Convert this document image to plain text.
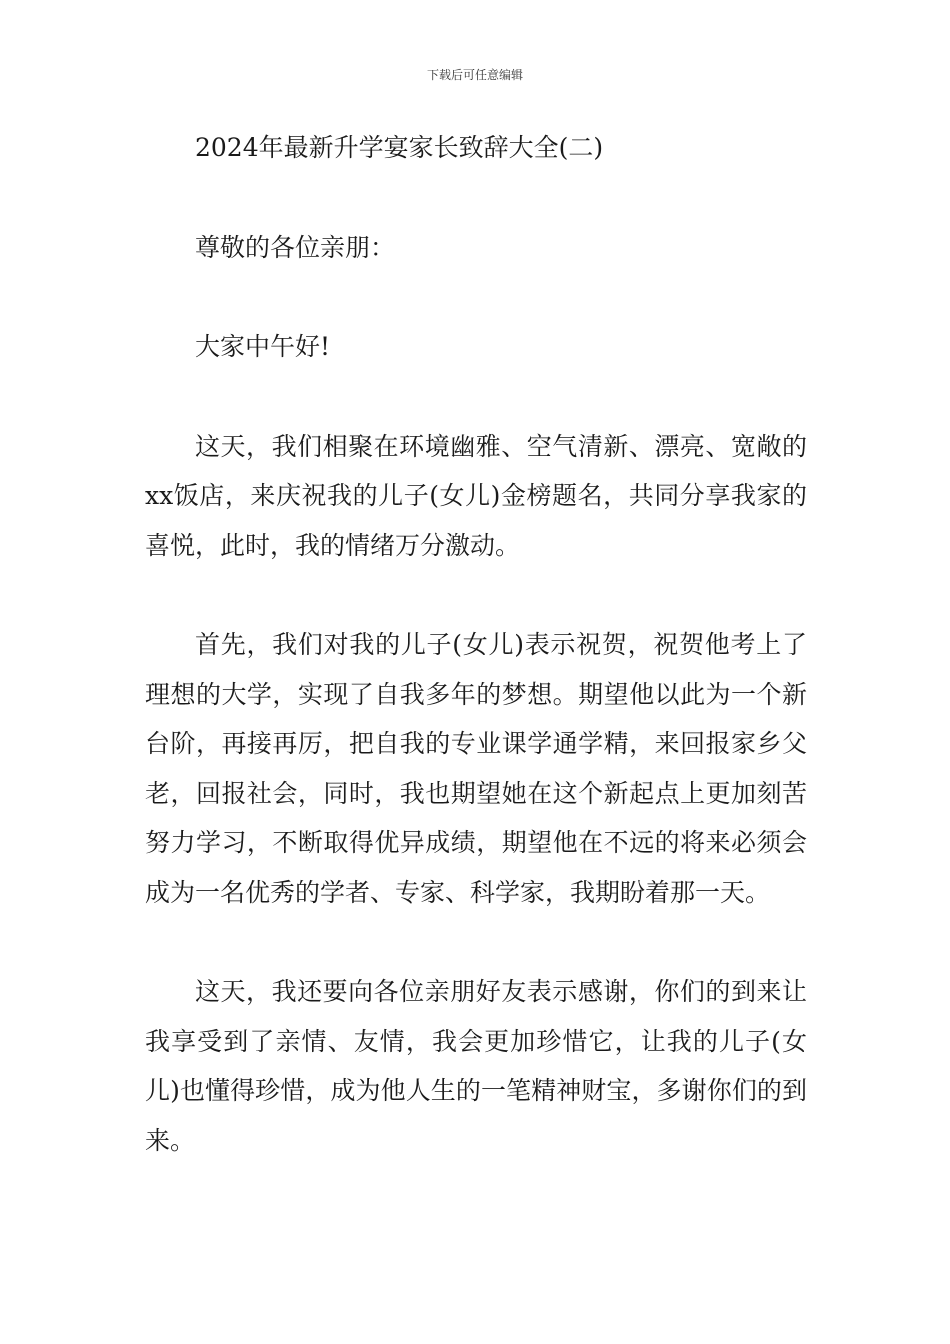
下载后可任意编辑

2024年最新升学宴家长致辞大全(二)

尊敬的各位亲朋：

大家中午好!

这天，我们相聚在环境幽雅、空气清新、漂亮、宽敞的xx饭店，来庆祝我的儿子(女儿)金榜题名，共同分享我家的喜悦，此时，我的情绪万分激动。

首先，我们对我的儿子(女儿)表示祝贺，祝贺他考上了理想的大学，实现了自我多年的梦想。期望他以此为一个新台阶，再接再厉，把自我的专业课学通学精，来回报家乡父老，回报社会，同时，我也期望她在这个新起点上更加刻苦努力学习，不断取得优异成绩，期望他在不远的将来必须会成为一名优秀的学者、专家、科学家，我期盼着那一天。

这天，我还要向各位亲朋好友表示感谢，你们的到来让我享受到了亲情、友情，我会更加珍惜它，让我的儿子(女儿)也懂得珍惜，成为他人生的一笔精神财宝，多谢你们的到来。
